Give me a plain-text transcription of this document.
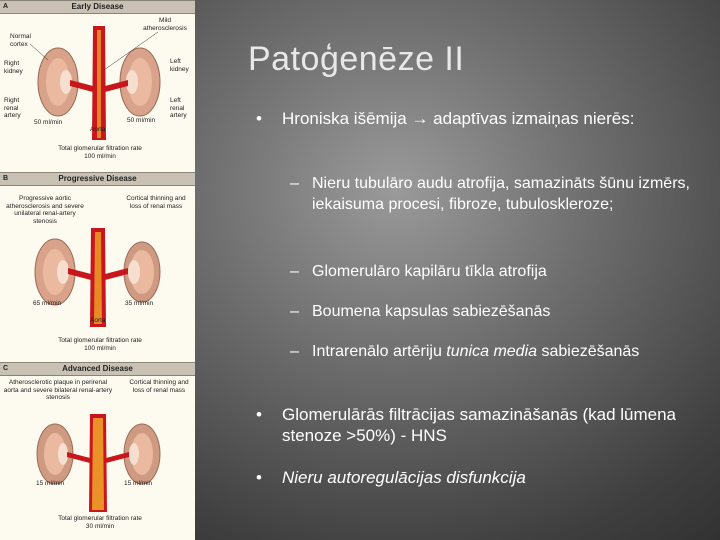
A	Early Disease
Normal cortex
Mild atherosclerosis
Right kidney
Left kidney
Right renal artery
Left renal artery
50 ml/min	50 ml/min
Aorta
Total glomerular filtration rate
100 ml/min
B	Progressive Disease
Progressive aortic atherosclerosis and severe unilateral renal-artery stenosis
Cortical thinning and loss of renal mass
65 ml/min	35 ml/min
Aorta
Total glomerular filtration rate
100 ml/min
C	Advanced Disease
Atherosclerotic plaque in perirenal aorta and severe bilateral renal-artery stenosis
Cortical thinning and loss of renal mass
15 ml/min	15 ml/min
Total glomerular filtration rate
30 ml/min
Patoģenēze II
• Hroniska išēmija → adaptīvas izmaiņas nierēs:
– Nieru tubulāro audu atrofija, samazināts šūnu izmērs, iekaisuma procesi, fibroze, tubuloskleroze;
– Glomerulāro kapilāru tīkla atrofija
– Boumena kapsulas sabiezēšanās
– Intrarenālo artēriju tunica media sabiezēšanās
• Glomerulārās filtrācijas samazināšanās (kad lūmena stenoze >50%) - HNS
• Nieru autoregulācijas disfunkcija
